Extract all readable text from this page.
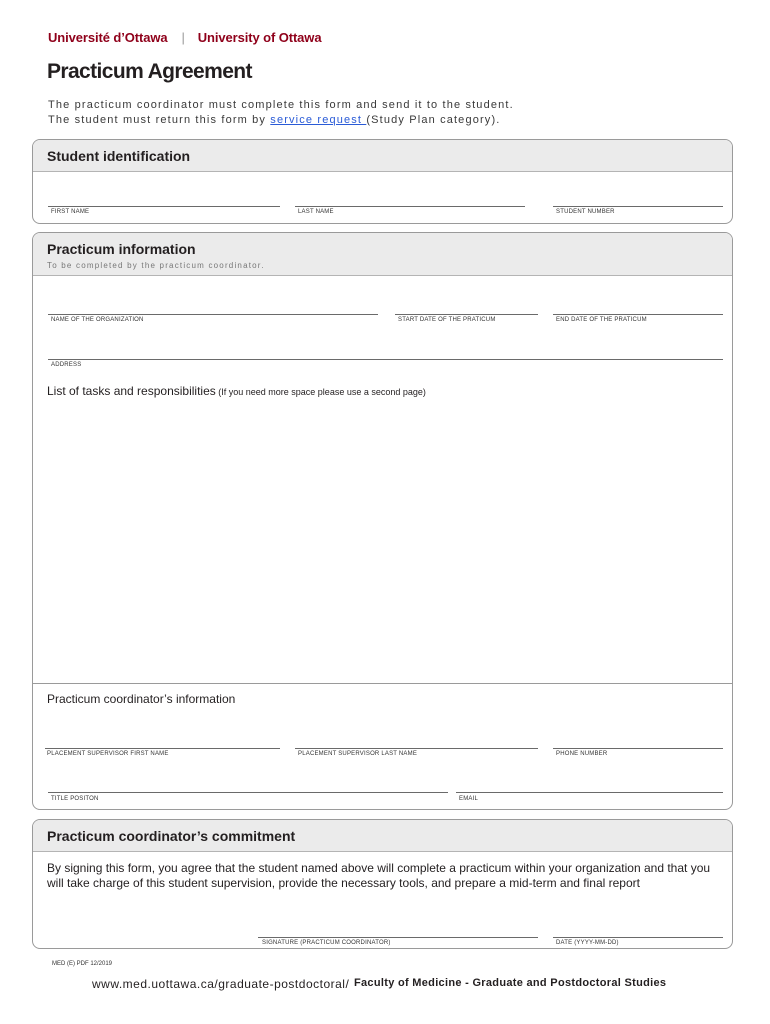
Université d’Ottawa | University of Ottawa
Practicum Agreement
The practicum coordinator must complete this form and send it to the student.
The student must return this form by service request (Study Plan category).
Student identification
FIRST NAME	LAST NAME	STUDENT NUMBER
Practicum information
To be completed by the practicum coordinator.
NAME OF THE ORGANIZATION	START DATE OF THE PRATICUM	END DATE OF THE PRATICUM
ADDRESS
List of tasks and responsibilities (If you need more space please use a second page)
Practicum coordinator’s information
PLACEMENT SUPERVISOR FIRST NAME	PLACEMENT SUPERVISOR LAST NAME	PHONE NUMBER
TITLE POSITON	EMAIL
Practicum coordinator’s commitment
By signing this form, you agree that the student named above will complete a practicum within your organization and that you will take charge of this student supervision, provide the necessary tools, and prepare a mid-term and final report
SIGNATURE (PRACTICUM COORDINATOR)	DATE (YYYY-MM-DD)
MED (E) PDF 12/2019
www.med.uottawa.ca/graduate-postdoctoral/ Faculty of Medicine - Graduate and Postdoctoral Studies
